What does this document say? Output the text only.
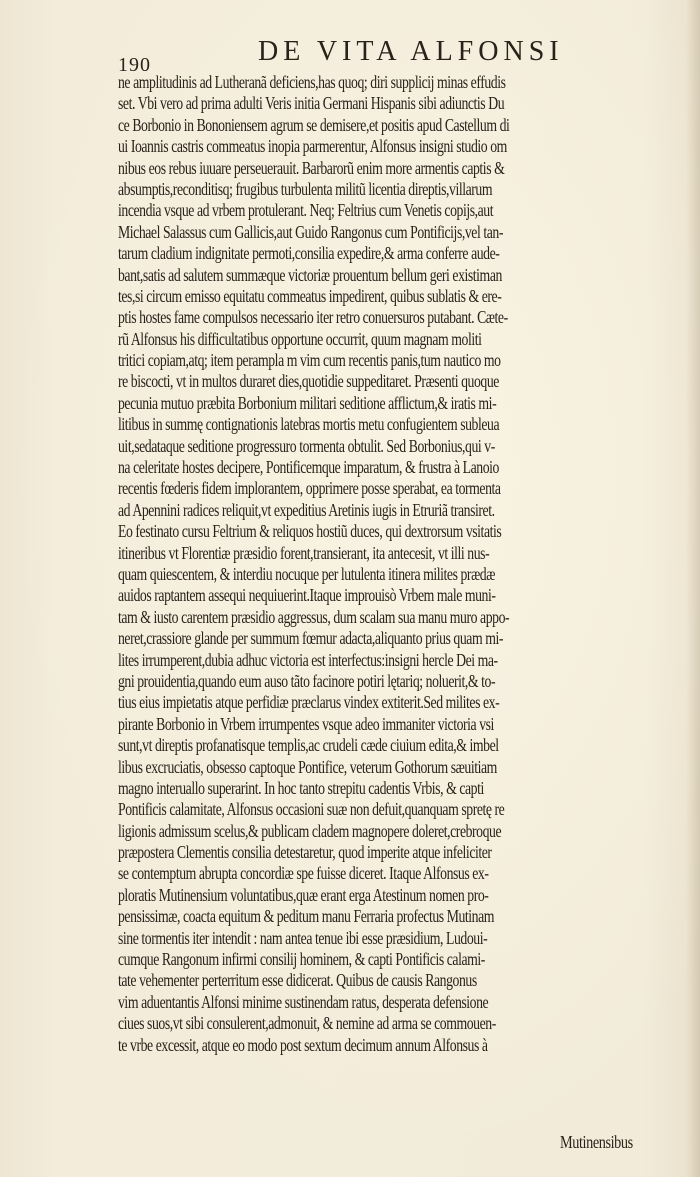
190	DE VITA ALFONSI
ne amplitudinis ad Lutheranã deficiens,has quoq; diri supplicij minas effudis
set. Vbi vero ad prima adulti Veris initia Germani Hispanis sibi adiunctis Du
ce Borbonio in Bononiensem agrum se demisere,et positis apud Castellum di
ui Ioannis castris commeatus inopia parmerentur, Alfonsus insigni studio om
nibus eos rebus iuuare perseuerauit. Barbarorũ enim more armentis captis &
absumptis,reconditisq; frugibus turbulenta militũ licentia direptis,villarum
incendia vsque ad vrbem protulerant. Neq; Feltrius cum Venetis copijs,aut
Michael Salassus cum Gallicis,aut Guido Rangonus cum Pontificijs,vel tan-
tarum cladium indignitate permoti,consilia expedire,& arma conferre aude-
bant,satis ad salutem summæque victoriæ prouentum bellum geri existiman
tes,si circum emisso equitatu commeatus impedirent, quibus sublatis & ere-
ptis hostes fame compulsos necessario iter retro conuersuros putabant. Cæte-
rũ Alfonsus his difficultatibus opportune occurrit, quum magnam moliti
tritici copiam,atq; item perampla m vim cum recentis panis,tum nautico mo
re biscocti, vt in multos duraret dies,quotidie suppeditaret. Præsenti quoque
pecunia mutuo præbita Borbonium militari seditione afflictum,& iratis mi-
litibus in summę contignationis latebras mortis metu confugientem subleua
uit,sedataque seditione progressuro tormenta obtulit. Sed Borbonius,qui v-
na celeritate hostes decipere, Pontificemque imparatum, & frustra à Lanoio
recentis fœderis fidem implorantem, opprimere posse sperabat, ea tormenta
ad Apennini radices reliquit,vt expeditius Aretinis iugis in Etruriã transiret.
Eo festinato cursu Feltrium & reliquos hostiũ duces, qui dextrorsum vsitatis
itineribus vt Florentiæ præsidio forent,transierant, ita antecesit, vt illi nus-
quam quiescentem, & interdiu nocuque per lutulenta itinera milites prædæ
auidos raptantem assequi nequiuerint.Itaque improuisò Vrbem male muni-
tam & iusto carentem præsidio aggressus, dum scalam sua manu muro appo-
neret,crassiore glande per summum fœmur adacta,aliquanto prius quam mi-
lites irrumperent,dubia adhuc victoria est interfectus:insigni hercle Dei ma-
gni prouidentia,quando eum auso tãto facinore potiri lętariq; noluerit,& to-
tius eius impietatis atque perfidiæ præclarus vindex extiterit.Sed milites ex-
pirante Borbonio in Vrbem irrumpentes vsque adeo immaniter victoria vsi
sunt,vt direptis profanatisque templis,ac crudeli cæde ciuium edita,& imbel
libus excruciatis, obsesso captoque Pontifice, veterum Gothorum sæuitiam
magno interuallo superarint. In hoc tanto strepitu cadentis Vrbis, & capti
Pontificis calamitate, Alfonsus occasioni suæ non defuit,quanquam spretę re
ligionis admissum scelus,& publicam cladem magnopere doleret,crebroque
præpostera Clementis consilia detestaretur, quod imperite atque infeliciter
se contemptum abrupta concordiæ spe fuisse diceret. Itaque Alfonsus ex-
ploratis Mutinensium voluntatibus,quæ erant erga Atestinum nomen pro-
pensissimæ, coacta equitum & peditum manu Ferraria profectus Mutinam
sine tormentis iter intendit : nam antea tenue ibi esse præsidium, Ludoui-
cumque Rangonum infirmi consilij hominem, & capti Pontificis calami-
tate vehementer perterritum esse didicerat. Quibus de causis Rangonus
vim aduentantis Alfonsi minime sustinendam ratus, desperata defensione
ciues suos,vt sibi consulerent,admonuit, & nemine ad arma se commouen-
te vrbe excessit, atque eo modo post sextum decimum annum Alfonsus à
Mutinensibus
